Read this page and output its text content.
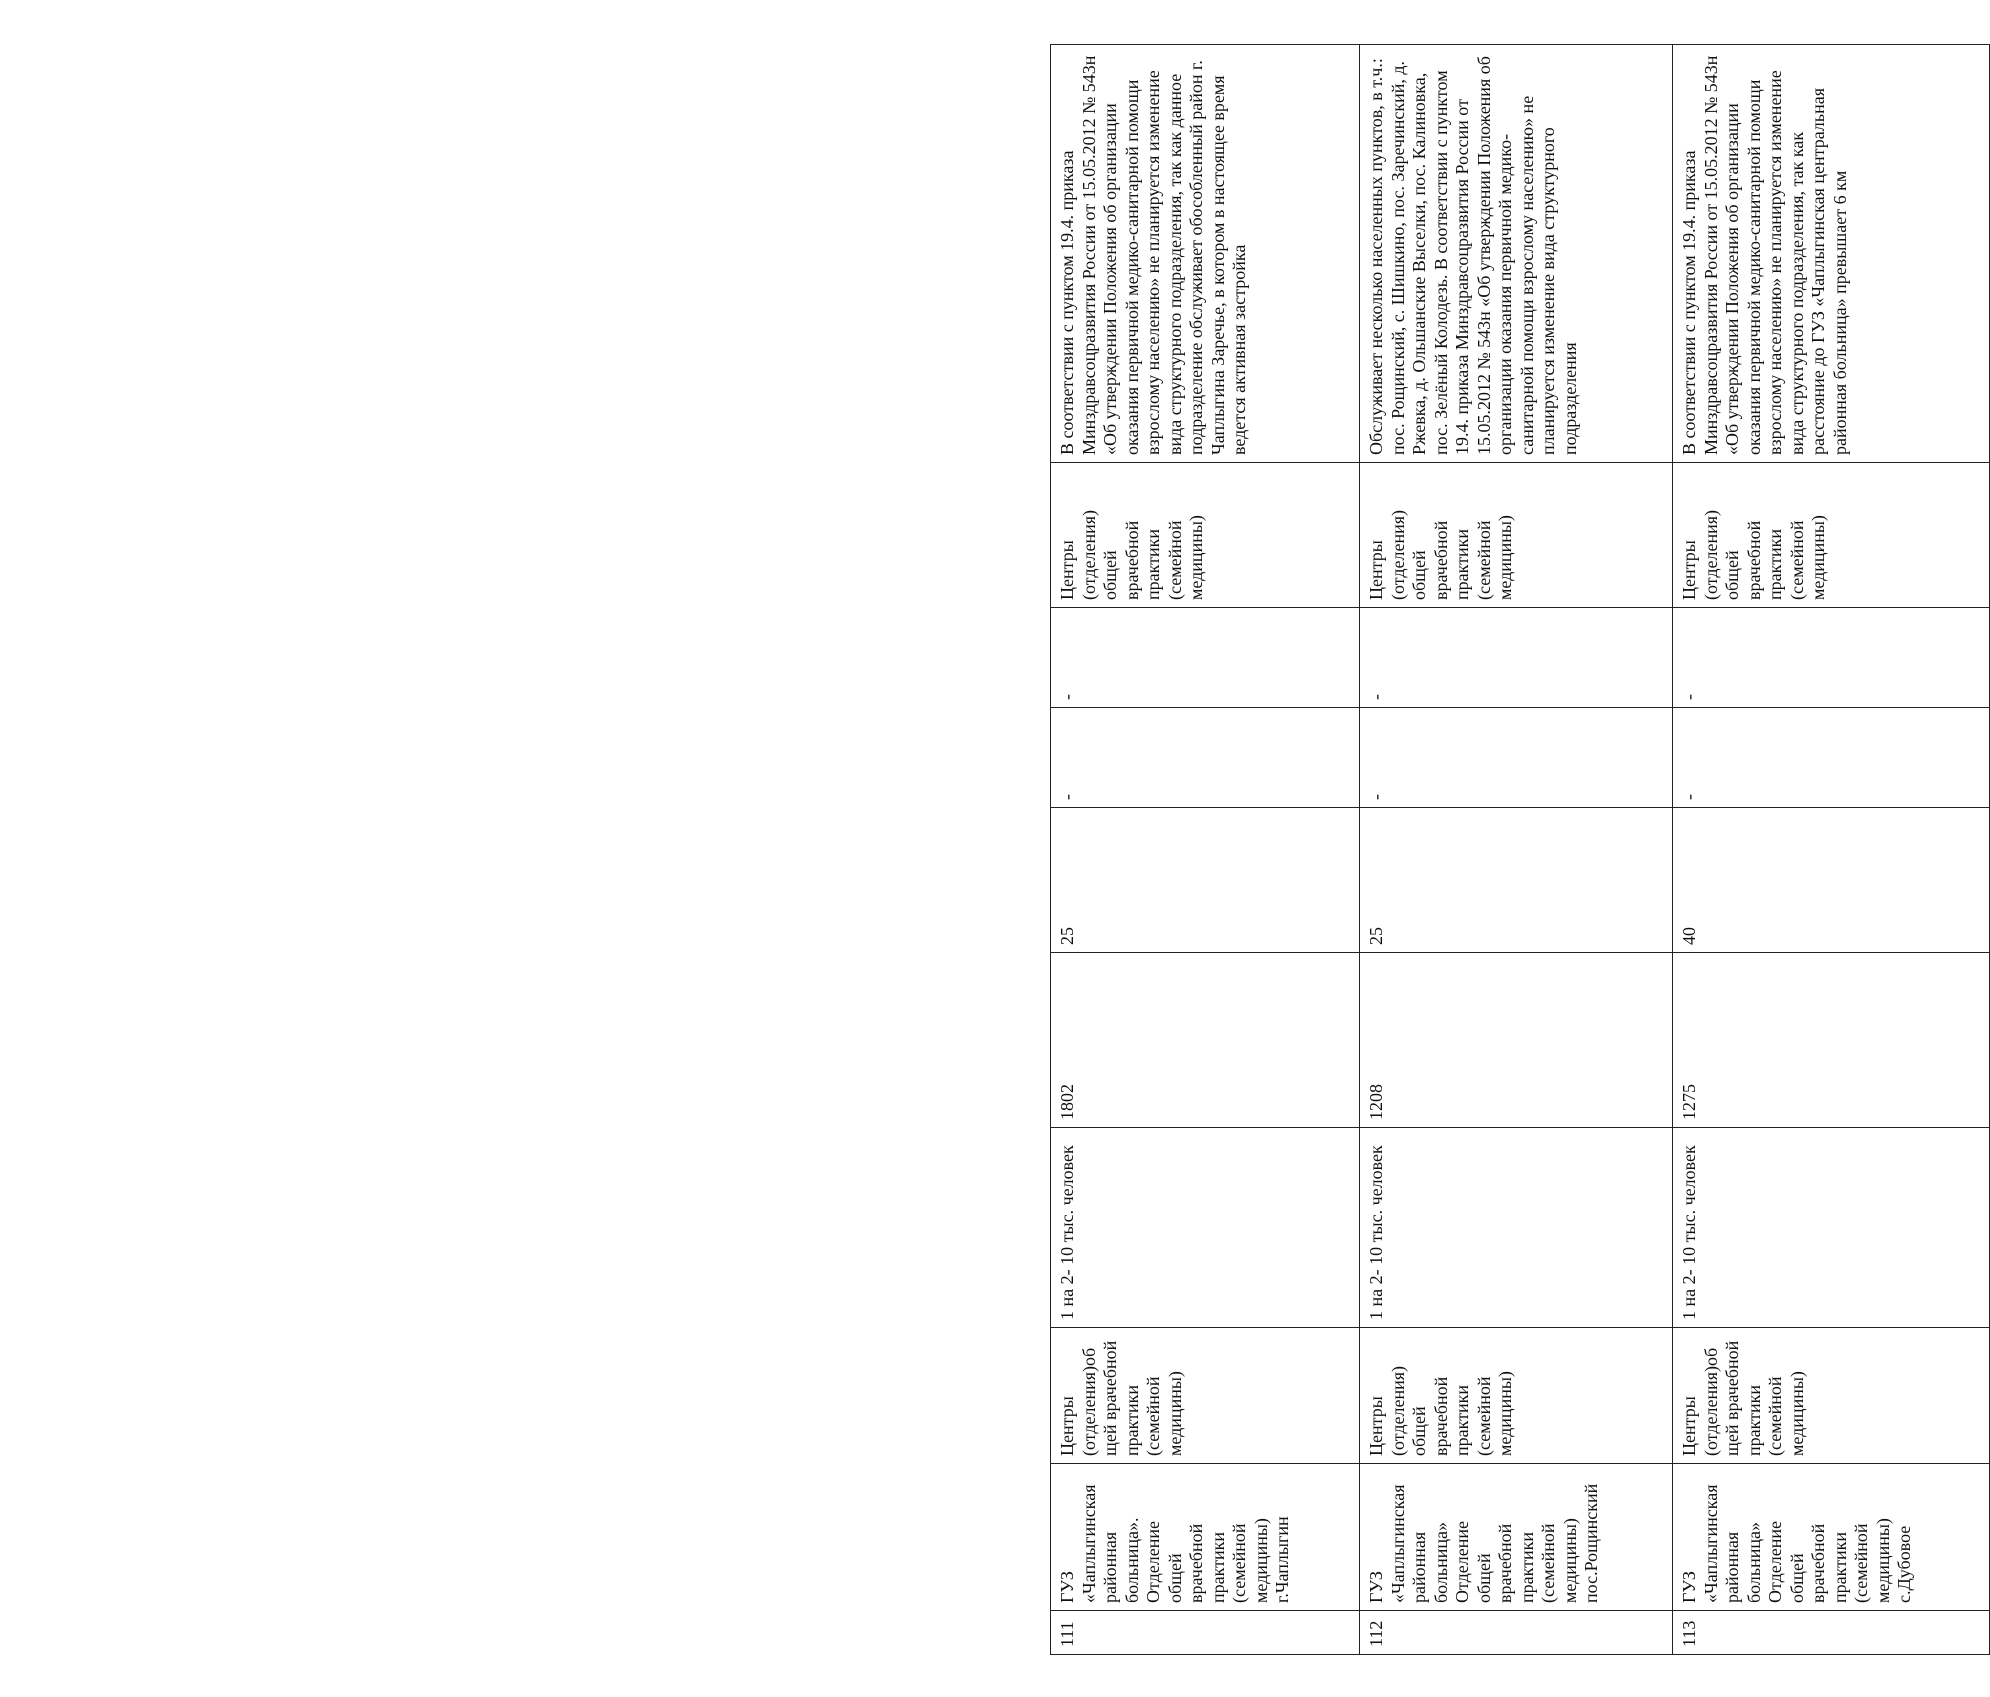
111	ГУЗ «Чаплыгинская районная больница». Отделение общей врачебной практики (семейной медицины) г.Чаплыгин	Центры (отделения)об щей врачебной практики (семейной медицины)	1 на 2- 10 тыс. человек	1802	25	-	-	Центры (отделения) общей врачебной практики (семейной медицины)	В соответствии с пунктом 19.4. приказа Минздравсоцразвития России от 15.05.2012 № 543н «Об утверждении Положения об организации оказания первичной медико-санитарной помощи взрослому населению» не планируется изменение вида структурного подразделения, так как данное подразделение обслуживает обособленный район г. Чаплыгина Заречье, в котором в настоящее время ведется активная застройка

112	ГУЗ «Чаплыгинская районная больница» Отделение общей врачебной практики (семейной медицины) пос.Рощинский	Центры (отделения) общей врачебной практики (семейной медицины)	1 на 2- 10 тыс. человек	1208	25	-	-	Центры (отделения) общей врачебной практики (семейной медицины)	Обслуживает несколько населенных пунктов, в т.ч.: пос. Рощинский, с. Шишкино, пос. Заречинский, д. Ржевка, д. Ольшанские Выселки, пос. Калиновка, пос. Зелёный Колодезь. В соответствии с пунктом 19.4. приказа Минздравсоцразвития России от 15.05.2012 № 543н «Об утверждении Положения об организации оказания первичной медико-санитарной помощи взрослому населению» не планируется изменение вида структурного подразделения

113	ГУЗ «Чаплыгинская районная больница» Отделение общей врачебной практики (семейной медицины) с.Дубовое	Центры (отделения)об щей врачебной практики (семейной медицины)	1 на 2- 10 тыс. человек	1275	40	-	-	Центры (отделения) общей врачебной практики (семейной медицины)	В соответствии с пунктом 19.4. приказа Минздравсоцразвития России от 15.05.2012 № 543н «Об утверждении Положения об организации оказания первичной медико-санитарной помощи взрослому населению» не планируется изменение вида структурного подразделения, так как расстояние до ГУЗ «Чаплыгинская центральная районная больница» превышает 6 км
